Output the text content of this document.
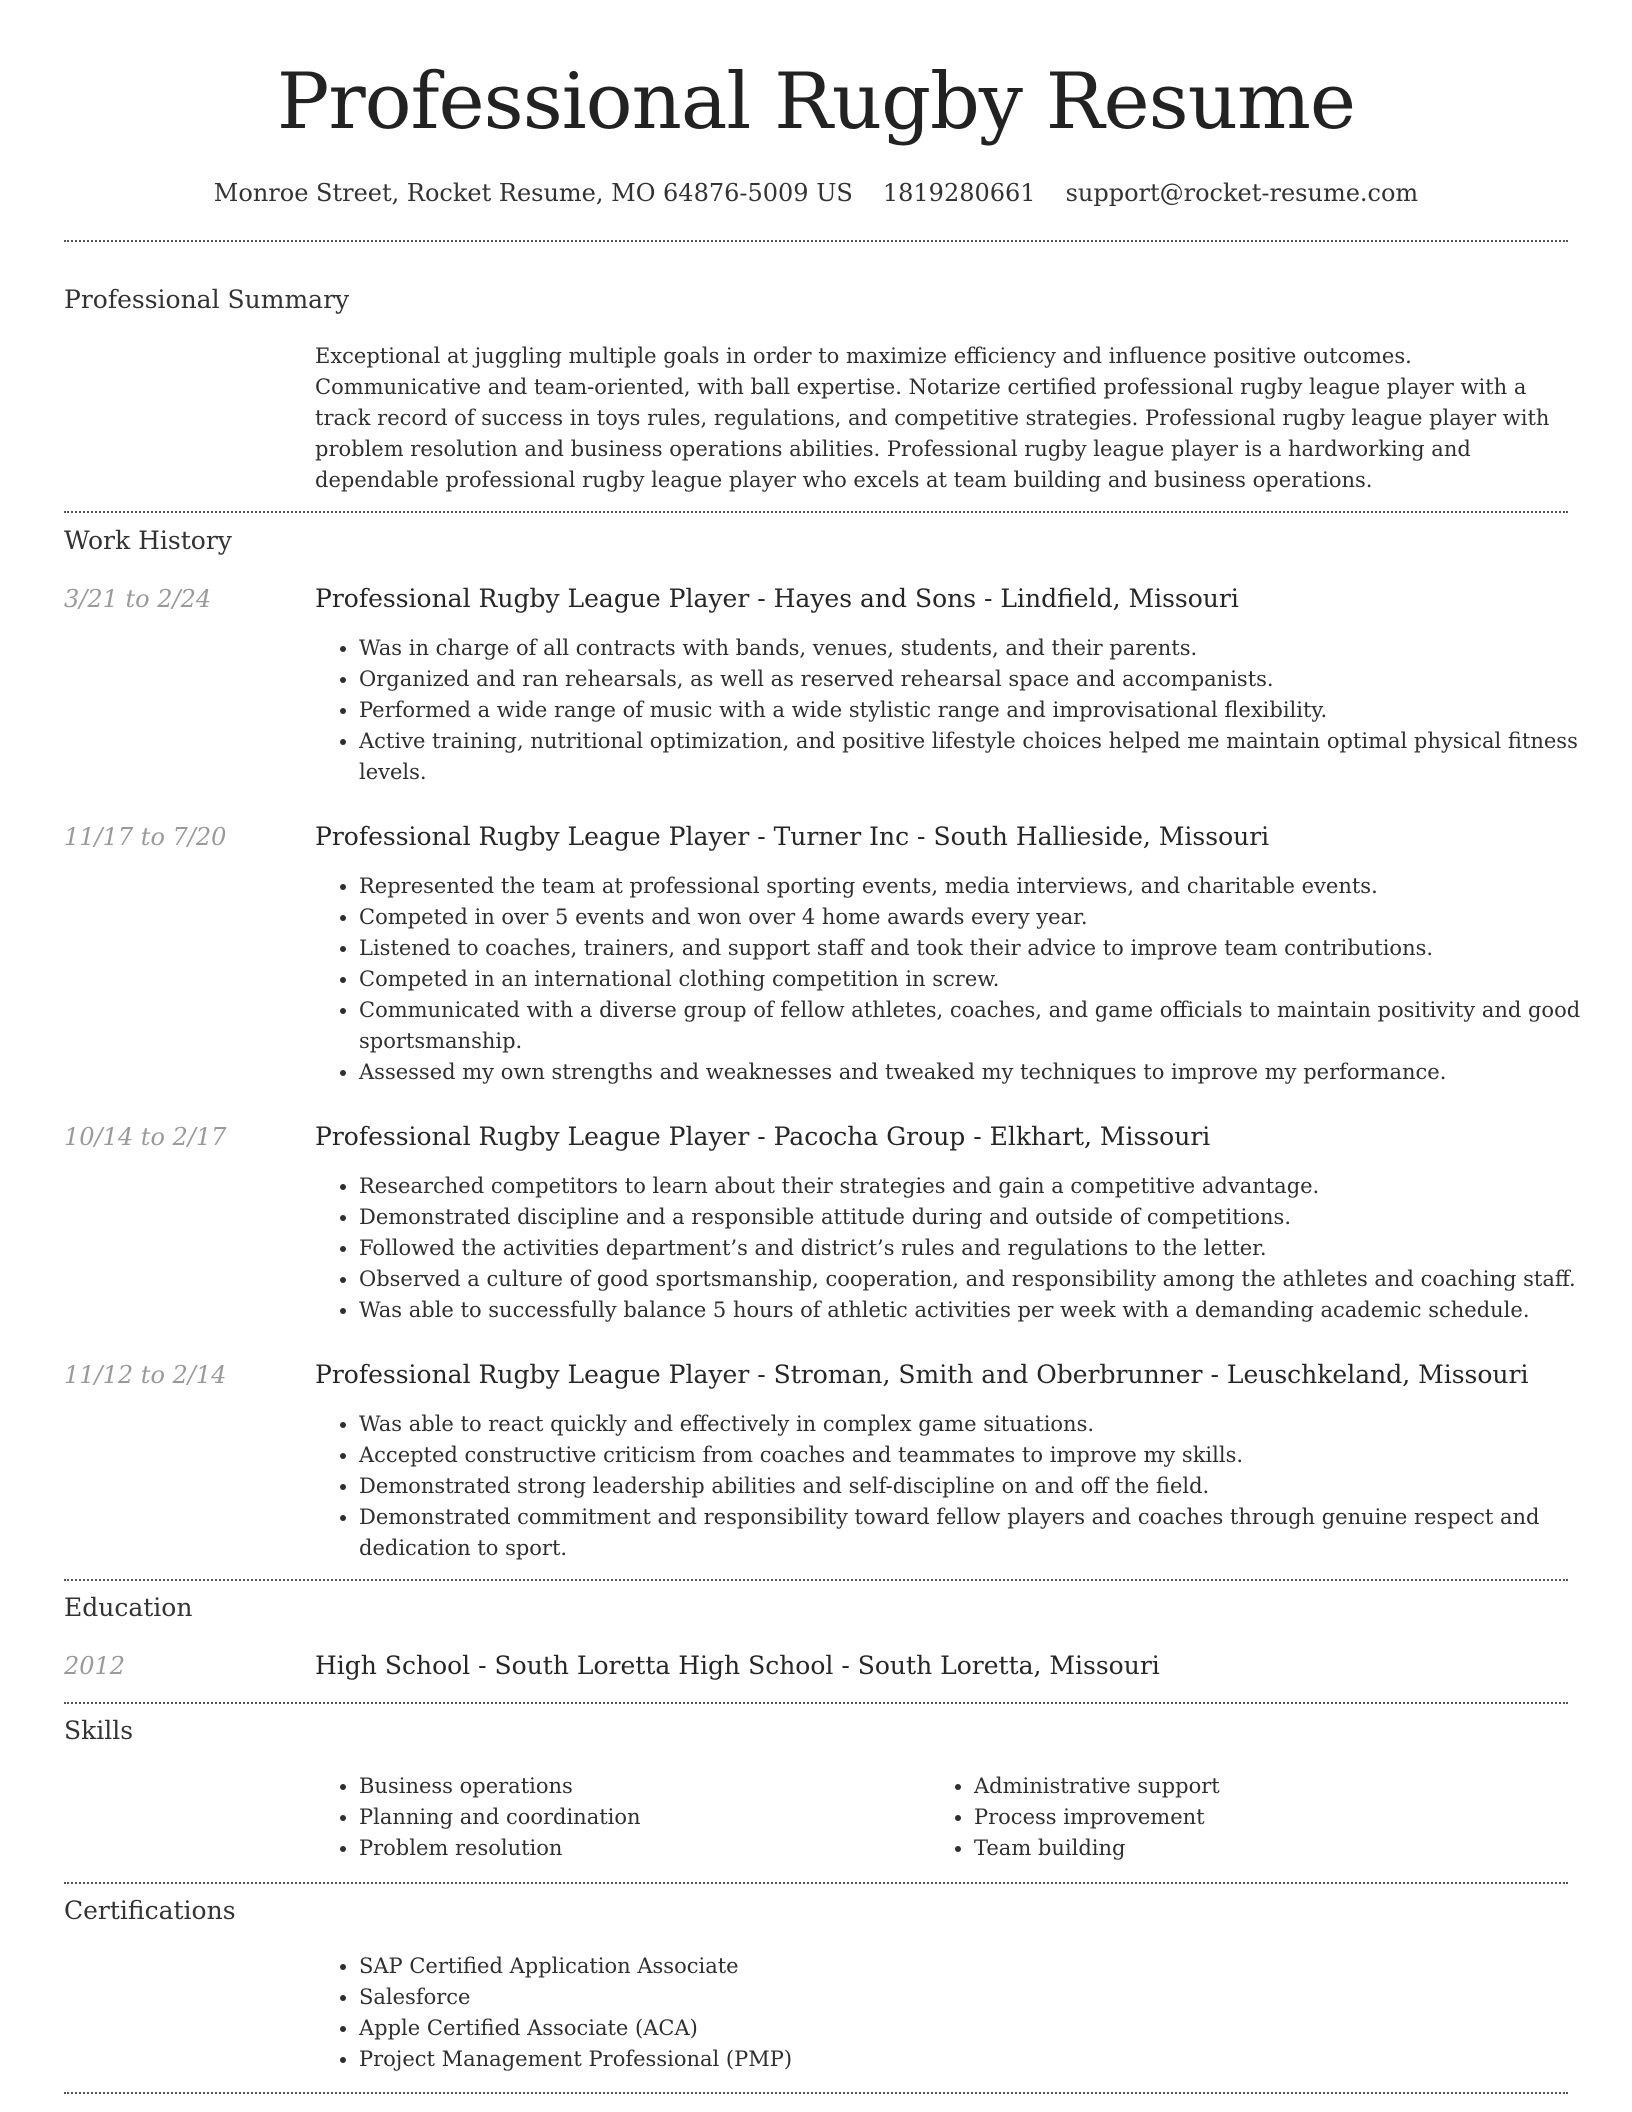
Professional Rugby Resume
Monroe Street, Rocket Resume, MO 64876-5009 US 1819280661 support@rocket-resume.com
Professional Summary
Exceptional at juggling multiple goals in order to maximize efficiency and influence positive outcomes. Communicative and team-oriented, with ball expertise. Notarize certified professional rugby league player with a track record of success in toys rules, regulations, and competitive strategies. Professional rugby league player with problem resolution and business operations abilities. Professional rugby league player is a hardworking and dependable professional rugby league player who excels at team building and business operations.
Work History
3/21 to 2/24	Professional Rugby League Player - Hayes and Sons - Lindfield, Missouri
• Was in charge of all contracts with bands, venues, students, and their parents.
• Organized and ran rehearsals, as well as reserved rehearsal space and accompanists.
• Performed a wide range of music with a wide stylistic range and improvisational flexibility.
• Active training, nutritional optimization, and positive lifestyle choices helped me maintain optimal physical fitness levels.
11/17 to 7/20	Professional Rugby League Player - Turner Inc - South Hallieside, Missouri
• Represented the team at professional sporting events, media interviews, and charitable events.
• Competed in over 5 events and won over 4 home awards every year.
• Listened to coaches, trainers, and support staff and took their advice to improve team contributions.
• Competed in an international clothing competition in screw.
• Communicated with a diverse group of fellow athletes, coaches, and game officials to maintain positivity and good sportsmanship.
• Assessed my own strengths and weaknesses and tweaked my techniques to improve my performance.
10/14 to 2/17	Professional Rugby League Player - Pacocha Group - Elkhart, Missouri
• Researched competitors to learn about their strategies and gain a competitive advantage.
• Demonstrated discipline and a responsible attitude during and outside of competitions.
• Followed the activities department’s and district’s rules and regulations to the letter.
• Observed a culture of good sportsmanship, cooperation, and responsibility among the athletes and coaching staff.
• Was able to successfully balance 5 hours of athletic activities per week with a demanding academic schedule.
11/12 to 2/14	Professional Rugby League Player - Stroman, Smith and Oberbrunner - Leuschkeland, Missouri
• Was able to react quickly and effectively in complex game situations.
• Accepted constructive criticism from coaches and teammates to improve my skills.
• Demonstrated strong leadership abilities and self-discipline on and off the field.
• Demonstrated commitment and responsibility toward fellow players and coaches through genuine respect and dedication to sport.
Education
2012	High School - South Loretta High School - South Loretta, Missouri
Skills
• Business operations
• Planning and coordination
• Problem resolution
• Administrative support
• Process improvement
• Team building
Certifications
• SAP Certified Application Associate
• Salesforce
• Apple Certified Associate (ACA)
• Project Management Professional (PMP)
